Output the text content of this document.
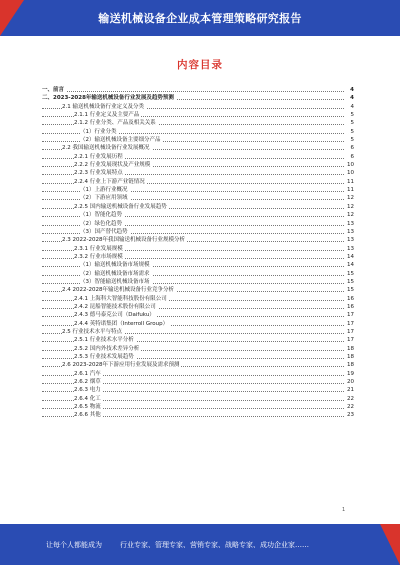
输送机械设备企业成本管理策略研究报告
内容目录
一、前言	4
二、2023-2028年输送机械设备行业发展及趋势预测	4
2.1 输送机械设备行业定义及分类	4
2.1.1 行业定义及主要产品	5
2.1.2 行业分类、产品及相关关系	5
（1）行业分类	5
（2）输送机械设备主要细分产品	5
2.2 我国输送机械设备行业发展概况	6
2.2.1 行业发展历程	6
2.2.2 行业发展现状及产业规模	10
2.2.3 行业发展特点	10
2.2.4 行业上下游产业链情况	11
（1）上游行业概况	11
（2）下游应用领域	12
2.2.5 国内输送机械设备行业发展趋势	12
（1）智能化趋势	12
（2）绿色化趋势	13
（3）国产替代趋势	13
2.3 2022-2028年我国输送机械设备行业规模分析	13
2.3.1 行业发展规模	13
2.3.2 行业市场规模	14
（1）输送机械设备市场规模	14
（2）输送机械设备市场需求	15
（3）智能输送机械设备市场	15
2.4 2022-2028年输送机械设备行业竞争分析	15
2.4.1 上海科大智能科技股份有限公司	16
2.4.2 昆船智能技术股份有限公司	16
2.4.3 德马泰克公司（Daifuku）	17
2.4.4 英特诺集团（Interroll Group）	17
2.5 行业技术水平与特点	17
2.5.1 行业技术水平分析	17
2.5.2 国内外技术差异分析	18
2.5.3 行业技术发展趋势	18
2.6 2023-2028年下游应用行业发展及需求预测	18
2.6.1 汽车	19
2.6.2 烟草	20
2.6.3 电力	21
2.6.4 化工	22
2.6.5 物流	22
2.6.6 其他	23
1
让每个人都能成为	行业专家、管理专家、营销专家、战略专家、成功企业家……
